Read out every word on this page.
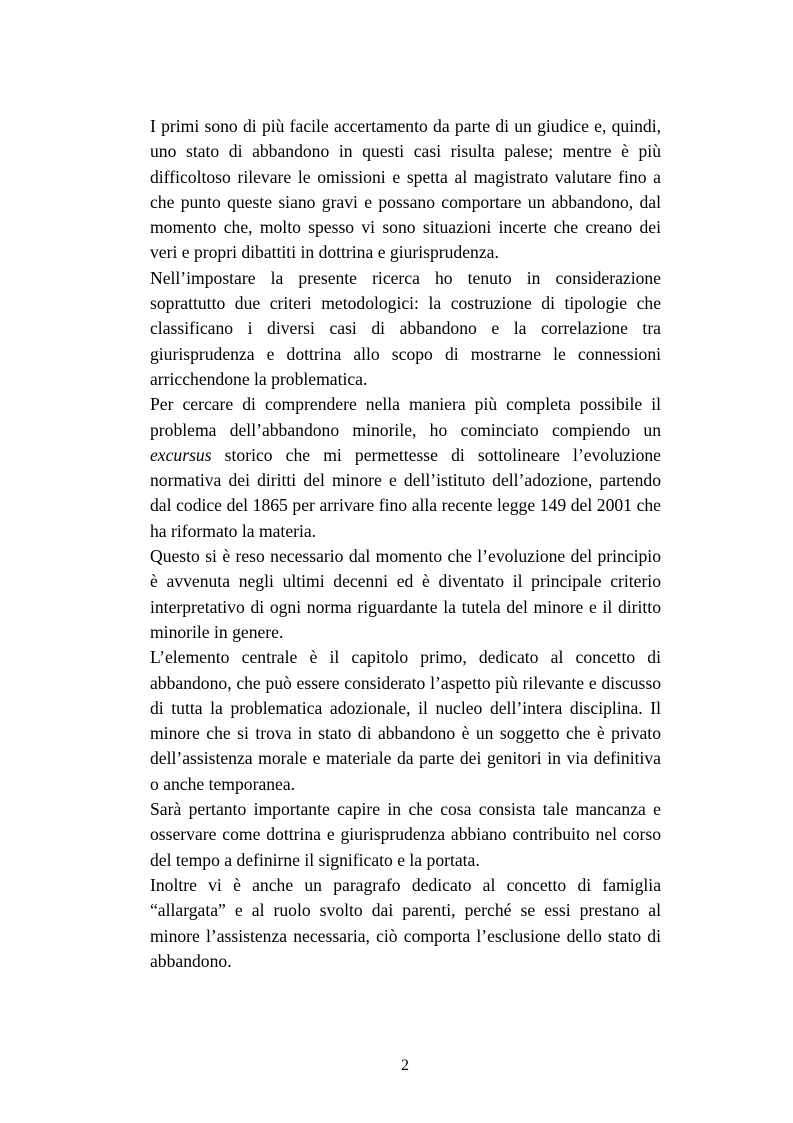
I primi sono di più facile accertamento da parte di un giudice e, quindi, uno stato di abbandono in questi casi risulta palese; mentre è più difficoltoso rilevare le omissioni e spetta al magistrato valutare fino a che punto queste siano gravi e possano comportare un abbandono, dal momento che, molto spesso vi sono situazioni incerte che creano dei veri e propri dibattiti in dottrina e giurisprudenza.

Nell’impostare la presente ricerca ho tenuto in considerazione soprattutto due criteri metodologici: la costruzione di tipologie che classificano i diversi casi di abbandono e la correlazione tra giurisprudenza e dottrina allo scopo di mostrarne le connessioni arricchendone la problematica.

Per cercare di comprendere nella maniera più completa possibile il problema dell’abbandono minorile, ho cominciato compiendo un excursus storico che mi permettesse di sottolineare l’evoluzione normativa dei diritti del minore e dell’istituto dell’adozione, partendo dal codice del 1865 per arrivare fino alla recente legge 149 del 2001 che ha riformato la materia.

Questo si è reso necessario dal momento che l’evoluzione del principio è avvenuta negli ultimi decenni ed è diventato il principale criterio interpretativo di ogni norma riguardante la tutela del minore e il diritto minorile in genere.

L’elemento centrale è il capitolo primo, dedicato al concetto di abbandono, che può essere considerato l’aspetto più rilevante e discusso di tutta la problematica adozionale, il nucleo dell’intera disciplina. Il minore che si trova in stato di abbandono è un soggetto che è privato dell’assistenza morale e materiale da parte dei genitori in via definitiva o anche temporanea.

Sarà pertanto importante capire in che cosa consista tale mancanza e osservare come dottrina e giurisprudenza abbiano contribuito nel corso del tempo a definirne il significato e la portata.

Inoltre vi è anche un paragrafo dedicato al concetto di famiglia “allargata” e al ruolo svolto dai parenti, perché se essi prestano al minore l’assistenza necessaria, ciò comporta l’esclusione dello stato di abbandono.

2
